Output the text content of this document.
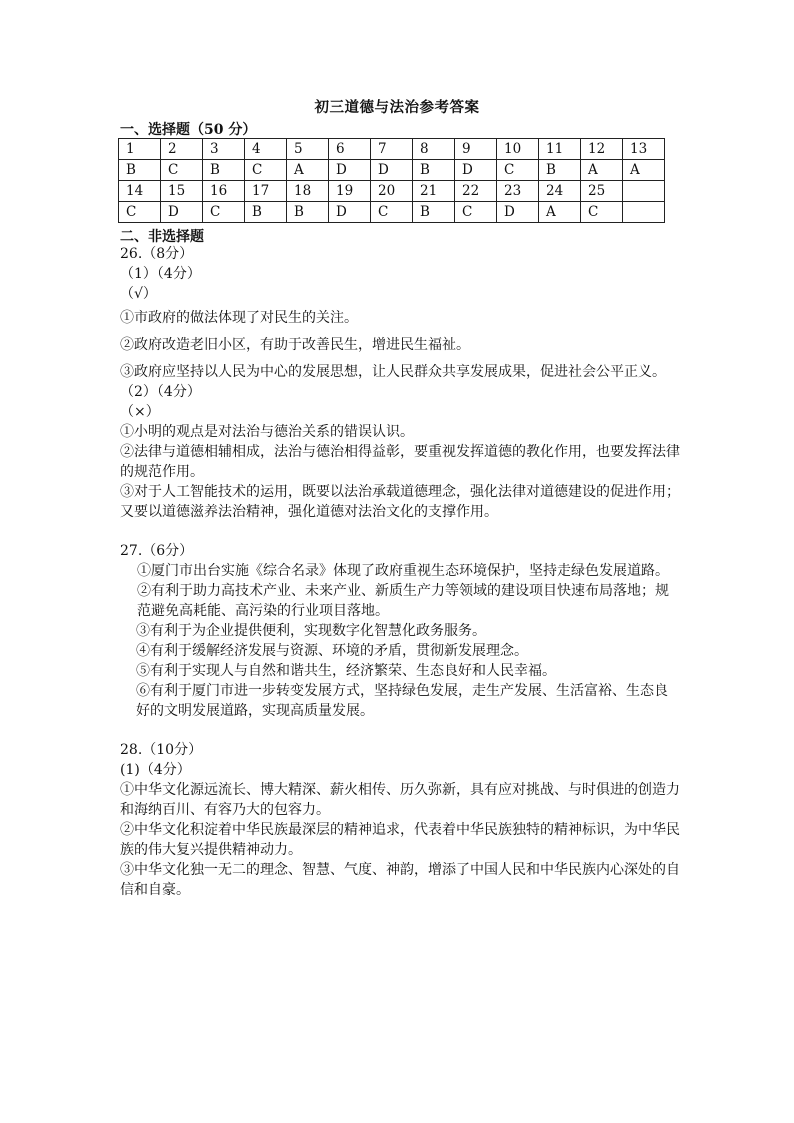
初三道德与法治参考答案
一、选择题（50 分）
1	2	3	4	5	6	7	8	9	10	11	12	13
B	C	B	C	A	D	D	B	D	C	B	A	A
14	15	16	17	18	19	20	21	22	23	24	25	
C	D	C	B	B	D	C	B	C	D	A	C	
二、非选择题
26.（8分）
（1）（4分）
（√）
①市政府的做法体现了对民生的关注。
②政府改造老旧小区，有助于改善民生，增进民生福祉。
③政府应坚持以人民为中心的发展思想，让人民群众共享发展成果，促进社会公平正义。
（2）（4分）
（×）
①小明的观点是对法治与德治关系的错误认识。
②法律与道德相辅相成，法治与德治相得益彰，要重视发挥道德的教化作用，也要发挥法律的规范作用。
③对于人工智能技术的运用，既要以法治承载道德理念，强化法律对道德建设的促进作用；又要以道德滋养法治精神，强化道德对法治文化的支撑作用。
27.（6分）
①厦门市出台实施《综合名录》体现了政府重视生态环境保护，坚持走绿色发展道路。
②有利于助力高技术产业、未来产业、新质生产力等领域的建设项目快速布局落地；规范避免高耗能、高污染的行业项目落地。
③有利于为企业提供便利，实现数字化智慧化政务服务。
④有利于缓解经济发展与资源、环境的矛盾，贯彻新发展理念。
⑤有利于实现人与自然和谐共生，经济繁荣、生态良好和人民幸福。
⑥有利于厦门市进一步转变发展方式，坚持绿色发展，走生产发展、生活富裕、生态良好的文明发展道路，实现高质量发展。
28.（10分）
(1)（4分）
①中华文化源远流长、博大精深、薪火相传、历久弥新，具有应对挑战、与时俱进的创造力和海纳百川、有容乃大的包容力。
②中华文化积淀着中华民族最深层的精神追求，代表着中华民族独特的精神标识，为中华民族的伟大复兴提供精神动力。
③中华文化独一无二的理念、智慧、气度、神韵，增添了中国人民和中华民族内心深处的自信和自豪。
